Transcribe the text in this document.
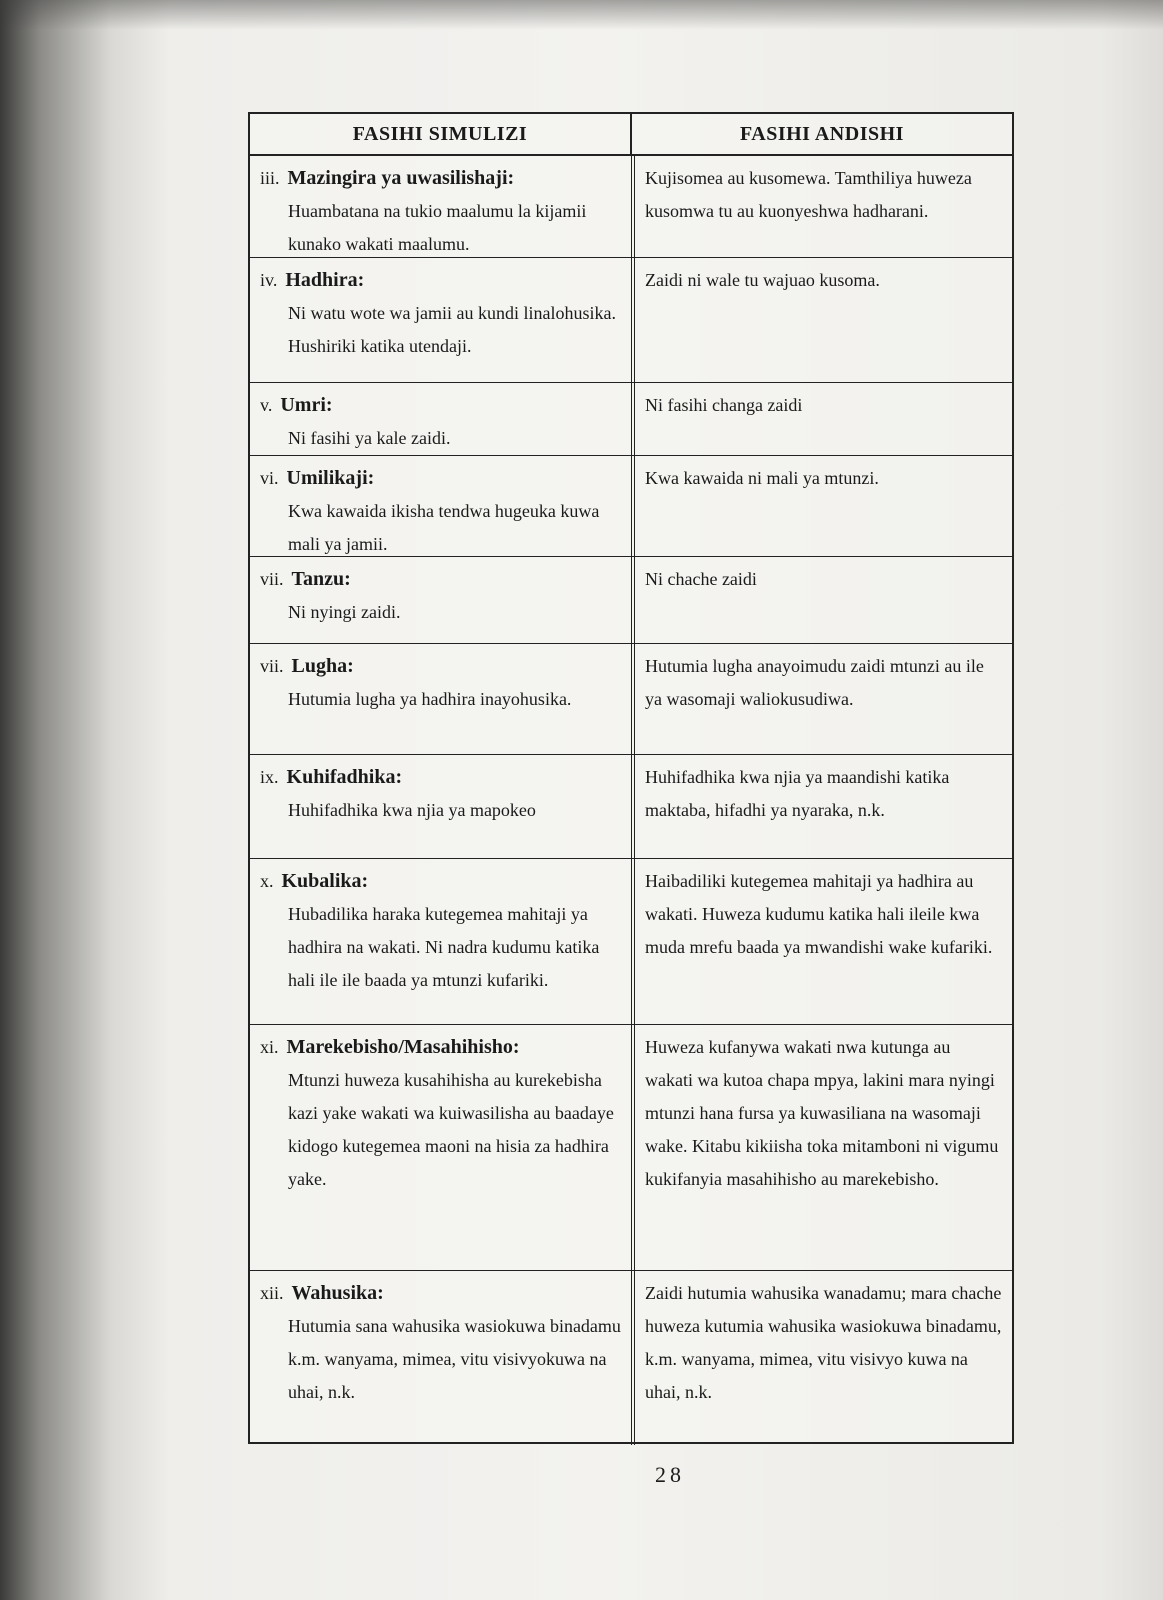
FASIHI SIMULIZI	FASIHI ANDISHI
iii. Mazingira ya uwasilishaji:
Huambatana na tukio maalumu la kijamii kunako wakati maalumu.
Kujisomea au kusomewa. Tamthiliya huweza kusomwa tu au kuonyeshwa hadharani.
iv. Hadhira:
Ni watu wote wa jamii au kundi linalohusika. Hushiriki katika utendaji.
Zaidi ni wale tu wajuao kusoma.
v. Umri:
Ni fasihi ya kale zaidi.
Ni fasihi changa zaidi
vi. Umilikaji:
Kwa kawaida ikisha tendwa hugeuka kuwa mali ya jamii.
Kwa kawaida ni mali ya mtunzi.
vii. Tanzu:
Ni nyingi zaidi.
Ni chache zaidi
vii. Lugha:
Hutumia lugha ya hadhira inayohusika.
Hutumia lugha anayoimudu zaidi mtunzi au ile ya wasomaji waliokusudiwa.
ix. Kuhifadhika:
Huhifadhika kwa njia ya mapokeo
Huhifadhika kwa njia ya maandishi katika maktaba, hifadhi ya nyaraka, n.k.
x. Kubalika:
Hubadilika haraka kutegemea mahitaji ya hadhira na wakati. Ni nadra kudumu katika hali ile ile baada ya mtunzi kufariki.
Haibadiliki kutegemea mahitaji ya hadhira au wakati. Huweza kudumu katika hali ileile kwa muda mrefu baada ya mwandishi wake kufariki.
xi. Marekebisho/Masahihisho:
Mtunzi huweza kusahihisha au kurekebisha kazi yake wakati wa kuiwasilisha au baadaye kidogo kutegemea maoni na hisia za hadhira yake.
Huweza kufanywa wakati nwa kutunga au wakati wa kutoa chapa mpya, lakini mara nyingi mtunzi hana fursa ya kuwasiliana na wasomaji wake. Kitabu kikiisha toka mitamboni ni vigumu kukifanyia masahihisho au marekebisho.
xii. Wahusika:
Hutumia sana wahusika wasiokuwa binadamu k.m. wanyama, mimea, vitu visivyokuwa na uhai, n.k.
Zaidi hutumia wahusika wanadamu; mara chache huweza kutumia wahusika wasiokuwa binadamu, k.m. wanyama, mimea, vitu visivyo kuwa na uhai, n.k.
28
